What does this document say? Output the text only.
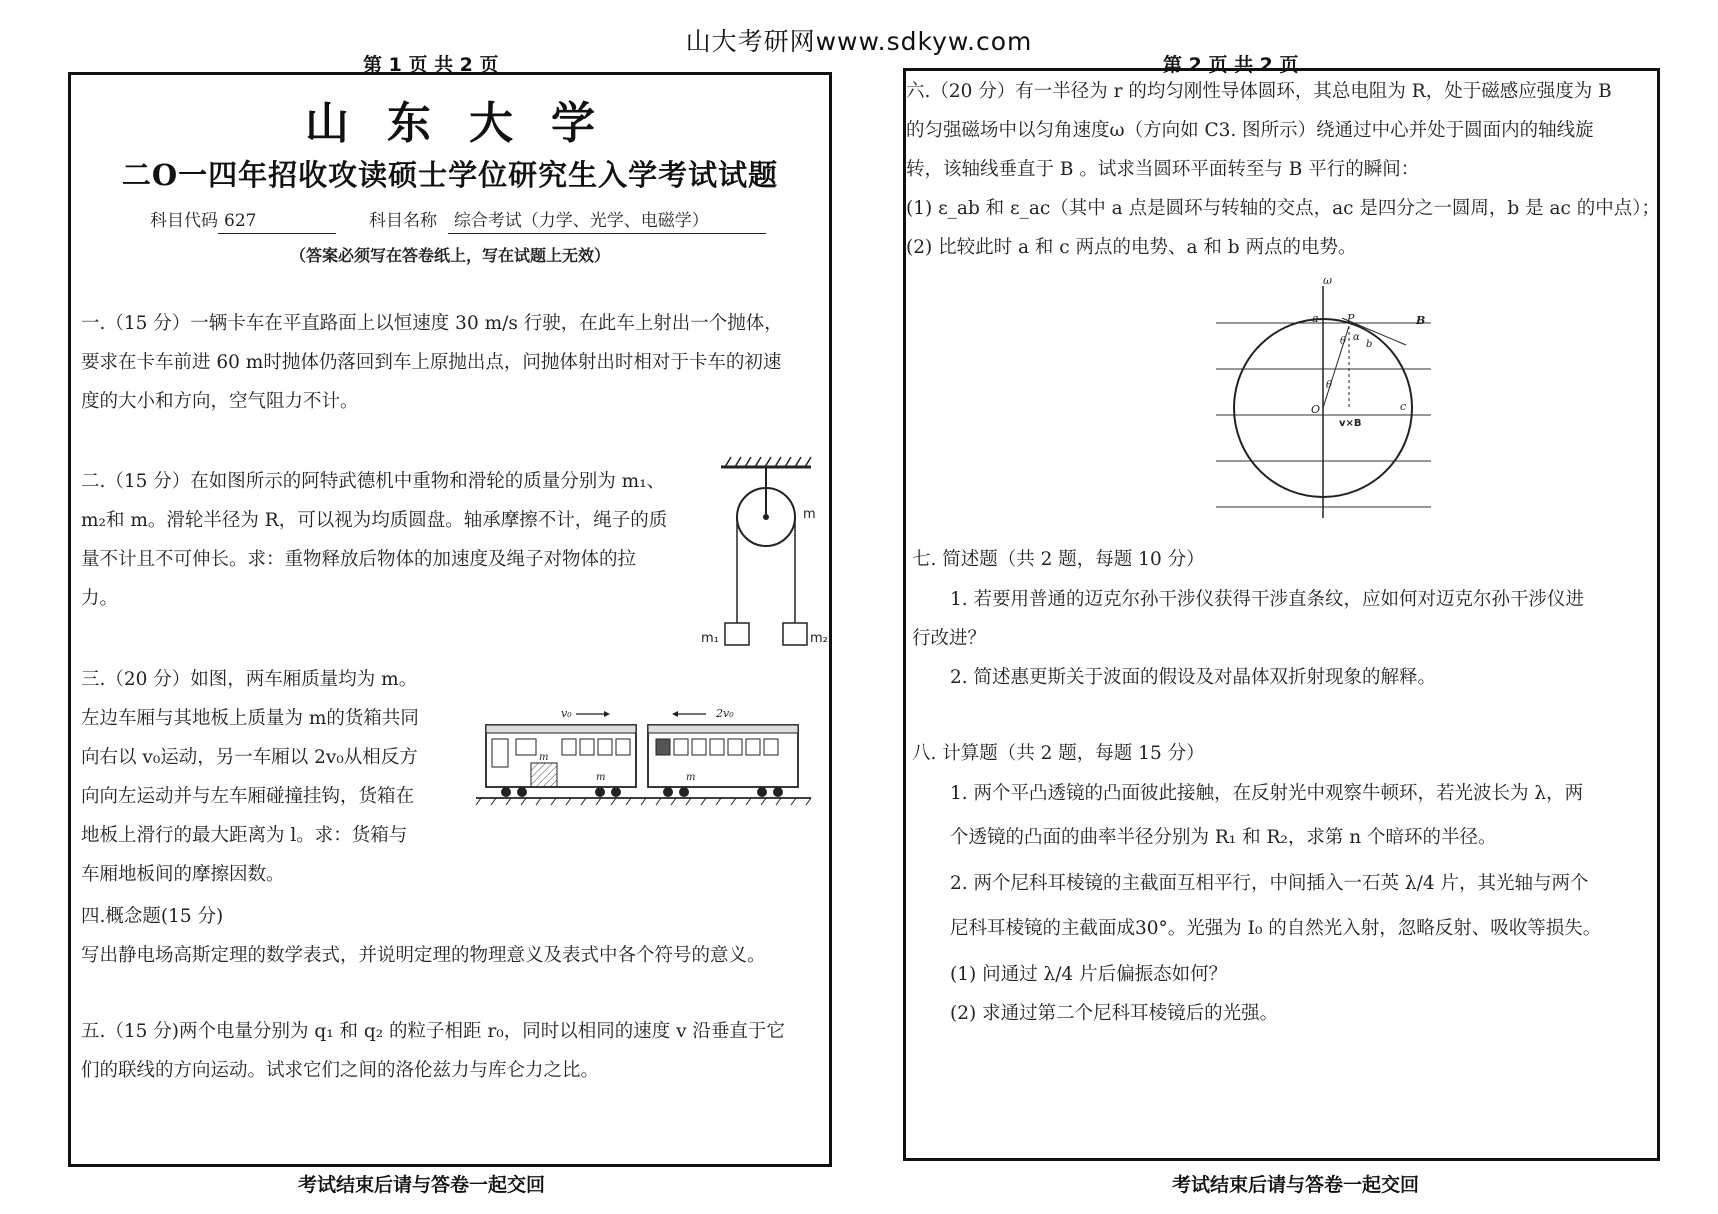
山大考研网www.sdkyw.com
第 1 页 共 2 页
山东大学
二O一四年招收攻读硕士学位研究生入学考试试题
科目代码 627	科目名称 综合考试（力学、光学、电磁学）
（答案必须写在答卷纸上，写在试题上无效）
一.（15 分）一辆卡车在平直路面上以恒速度 30 m/s 行驶，在此车上射出一个抛体，
要求在卡车前进 60 m时抛体仍落回到车上原抛出点，问抛体射出时相对于卡车的初速
度的大小和方向，空气阻力不计。
二.（15 分）在如图所示的阿特武德机中重物和滑轮的质量分别为 m₁、
m₂和 m。滑轮半径为 R，可以视为均质圆盘。轴承摩擦不计，绳子的质
量不计且不可伸长。求：重物释放后物体的加速度及绳子对物体的拉
力。
m
m₁	m₂
三.（20 分）如图，两车厢质量均为 m。
左边车厢与其地板上质量为 m的货箱共同
向右以 v₀运动，另一车厢以 2v₀从相反方
向向左运动并与左车厢碰撞挂钩，货箱在
地板上滑行的最大距离为 l。求：货箱与
车厢地板间的摩擦因数。
v₀	2v₀
m
m	m
四.概念题(15 分)
写出静电场高斯定理的数学表式，并说明定理的物理意义及表式中各个符号的意义。
五.（15 分)两个电量分别为 q₁ 和 q₂ 的粒子相距 r₀，同时以相同的速度 v 沿垂直于它
们的联线的方向运动。试求它们之间的洛伦兹力与库仑力之比。
考试结束后请与答卷一起交回
第 2 页 共 2 页
六.（20 分）有一半径为 r 的均匀刚性导体圆环，其总电阻为 R，处于磁感应强度为 B
的匀强磁场中以匀角速度ω（方向如 C3. 图所示）绕通过中心并处于圆面内的轴线旋
转，该轴线垂直于 B 。试求当圆环平面转至与 B 平行的瞬间：
(1) ε_ab 和 ε_ac（其中 a 点是圆环与转轴的交点，ac 是四分之一圆周，b 是 ac 的中点）；
(2) 比较此时 a 和 c 两点的电势、a 和 b 两点的电势。
ω
a	P	B
θ α
b
θ
O	c
v×B
七. 简述题（共 2 题，每题 10 分）
1. 若要用普通的迈克尔孙干涉仪获得干涉直条纹，应如何对迈克尔孙干涉仪进
行改进？
2. 简述惠更斯关于波面的假设及对晶体双折射现象的解释。
八. 计算题（共 2 题，每题 15 分）
1. 两个平凸透镜的凸面彼此接触，在反射光中观察牛顿环，若光波长为 λ，两
个透镜的凸面的曲率半径分别为 R₁ 和 R₂，求第 n 个暗环的半径。
2. 两个尼科耳棱镜的主截面互相平行，中间插入一石英 λ/4 片，其光轴与两个
尼科耳棱镜的主截面成30°。光强为 I₀ 的自然光入射，忽略反射、吸收等损失。
(1) 问通过 λ/4 片后偏振态如何？
(2) 求通过第二个尼科耳棱镜后的光强。
考试结束后请与答卷一起交回
